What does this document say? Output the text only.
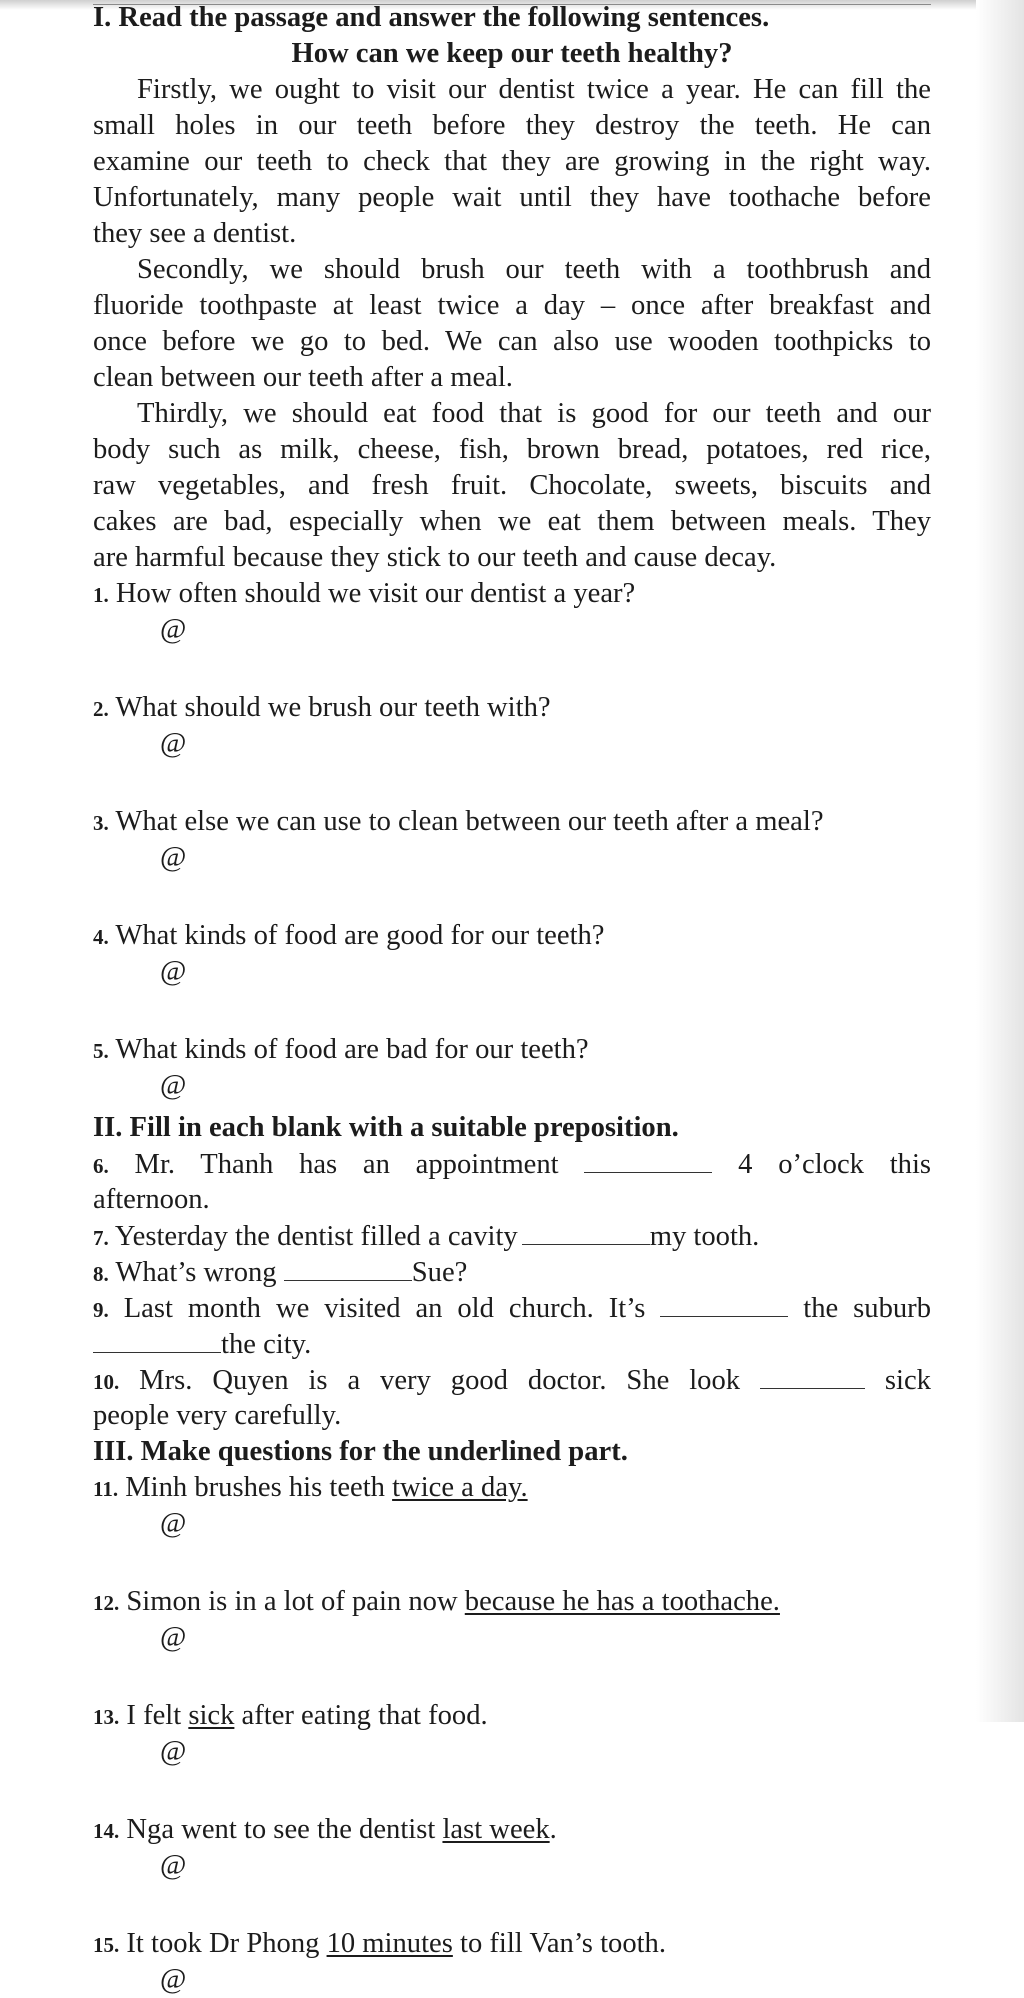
I. Read the passage and answer the following sentences.
How can we keep our teeth healthy?
Firstly, we ought to visit our dentist twice a year. He can fill the
small holes in our teeth before they destroy the teeth. He can
examine our teeth to check that they are growing in the right way.
Unfortunately, many people wait until they have toothache before
they see a dentist.
Secondly, we should brush our teeth with a toothbrush and
fluoride toothpaste at least twice a day – once after breakfast and
once before we go to bed. We can also use wooden toothpicks to
clean between our teeth after a meal.
Thirdly, we should eat food that is good for our teeth and our
body such as milk, cheese, fish, brown bread, potatoes, red rice,
raw vegetables, and fresh fruit. Chocolate, sweets, biscuits and
cakes are bad, especially when we eat them between meals. They
are harmful because they stick to our teeth and cause decay.
1. How often should we visit our dentist a year?
@
2. What should we brush our teeth with?
@
3. What else we can use to clean between our teeth after a meal?
@
4. What kinds of food are good for our teeth?
@
5. What kinds of food are bad for our teeth?
@
II. Fill in each blank with a suitable preposition.
6. Mr. Thanh has an appointment	4 o’clock this
afternoon.
7. Yesterday the dentist filled a cavity	my tooth.
8. What’s wrong	Sue?
9. Last month we visited an old church. It’s	the suburb
the city.
10. Mrs. Quyen is a very good doctor. She look	sick
people very carefully.
III. Make questions for the underlined part.
11. Minh brushes his teeth twice a day.
@
12. Simon is in a lot of pain now because he has a toothache.
@
13. I felt sick after eating that food.
@
14. Nga went to see the dentist last week.
@
15. It took Dr Phong 10 minutes to fill Van’s tooth.
@
